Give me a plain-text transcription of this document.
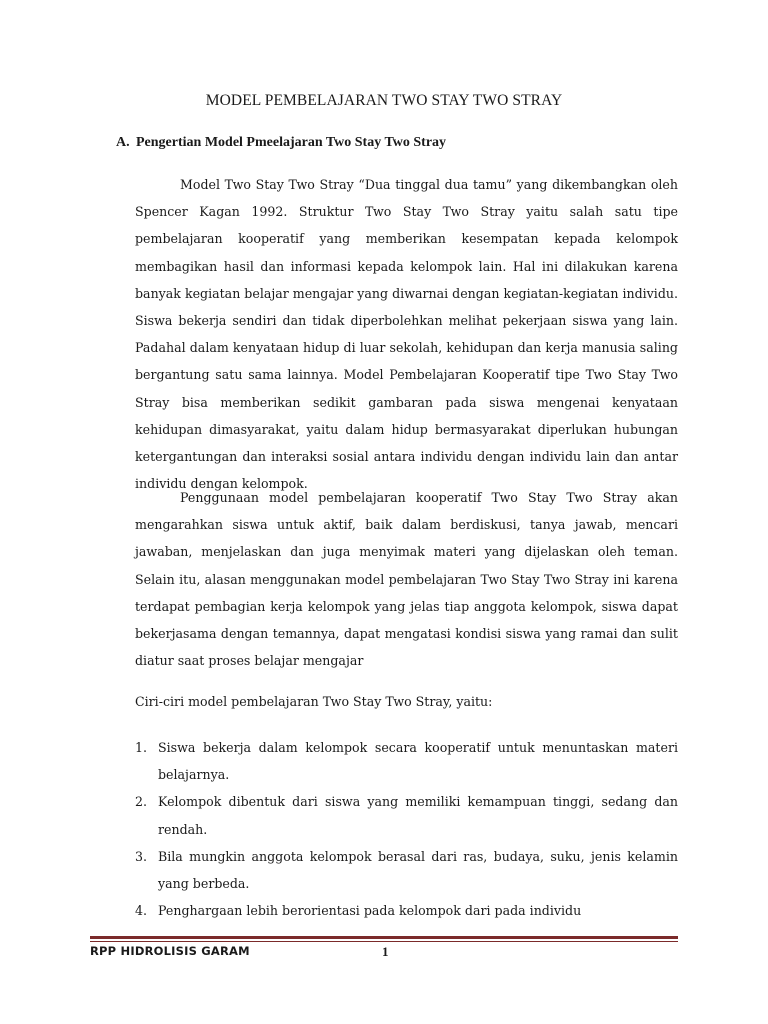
MODEL PEMBELAJARAN TWO STAY TWO STRAY
A. Pengertian Model Pmeelajaran Two Stay Two Stray

Model Two Stay Two Stray “Dua tinggal dua tamu” yang dikembangkan oleh Spencer Kagan 1992. Struktur Two Stay Two Stray yaitu salah satu tipe pembelajaran kooperatif yang memberikan kesempatan kepada kelompok membagikan hasil dan informasi kepada kelompok lain. Hal ini dilakukan karena banyak kegiatan belajar mengajar yang diwarnai dengan kegiatan-kegiatan individu. Siswa bekerja sendiri dan tidak diperbolehkan melihat pekerjaan siswa yang lain. Padahal dalam kenyataan hidup di luar sekolah, kehidupan dan kerja manusia saling bergantung satu sama lainnya. Model Pembelajaran Kooperatif tipe Two Stay Two Stray bisa memberikan sedikit gambaran pada siswa mengenai kenyataan kehidupan dimasyarakat, yaitu dalam hidup bermasyarakat diperlukan hubungan ketergantungan dan interaksi sosial antara individu dengan individu lain dan antar individu dengan kelompok.

Penggunaan model pembelajaran kooperatif Two Stay Two Stray akan mengarahkan siswa untuk aktif, baik dalam berdiskusi, tanya jawab, mencari jawaban, menjelaskan dan juga menyimak materi yang dijelaskan oleh teman. Selain itu, alasan menggunakan model pembelajaran Two Stay Two Stray ini karena terdapat pembagian kerja kelompok yang jelas tiap anggota kelompok, siswa dapat bekerjasama dengan temannya, dapat mengatasi kondisi siswa yang ramai dan sulit diatur saat proses belajar mengajar

Ciri-ciri model pembelajaran Two Stay Two Stray, yaitu:

1. Siswa bekerja dalam kelompok secara kooperatif untuk menuntaskan materi belajarnya.
2. Kelompok dibentuk dari siswa yang memiliki kemampuan tinggi, sedang dan rendah.
3. Bila mungkin anggota kelompok berasal dari ras, budaya, suku, jenis kelamin yang berbeda.
4. Penghargaan lebih berorientasi pada kelompok dari pada individu
RPP HIDROLISIS GARAM	1
